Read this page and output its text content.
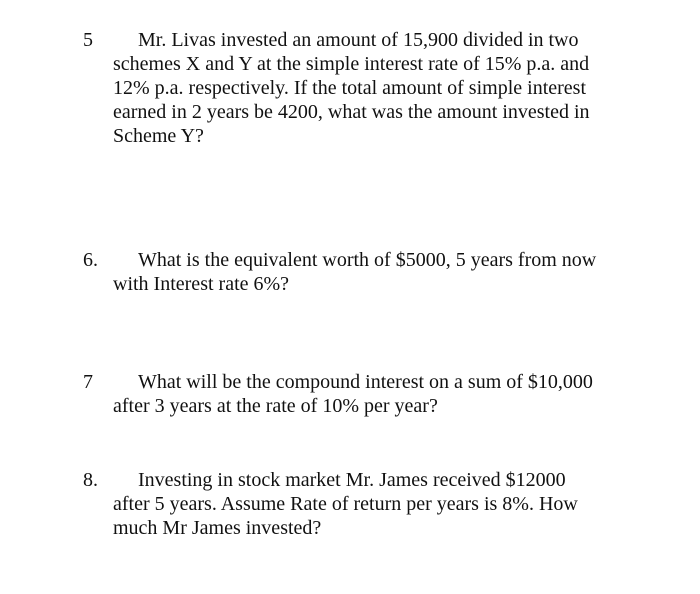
5	Mr. Livas invested an amount of 15,900 divided in two
schemes X and Y at the simple interest rate of 15% p.a. and
12% p.a. respectively. If the total amount of simple interest
earned in 2 years be 4200, what was the amount invested in
Scheme Y?
6.	What is the equivalent worth of $5000, 5 years from now
with Interest rate 6%?
7	What will be the compound interest on a sum of $10,000
after 3 years at the rate of 10% per year?
8.	Investing in stock market Mr. James received $12000
after 5 years. Assume Rate of return per years is 8%. How
much Mr James invested?
